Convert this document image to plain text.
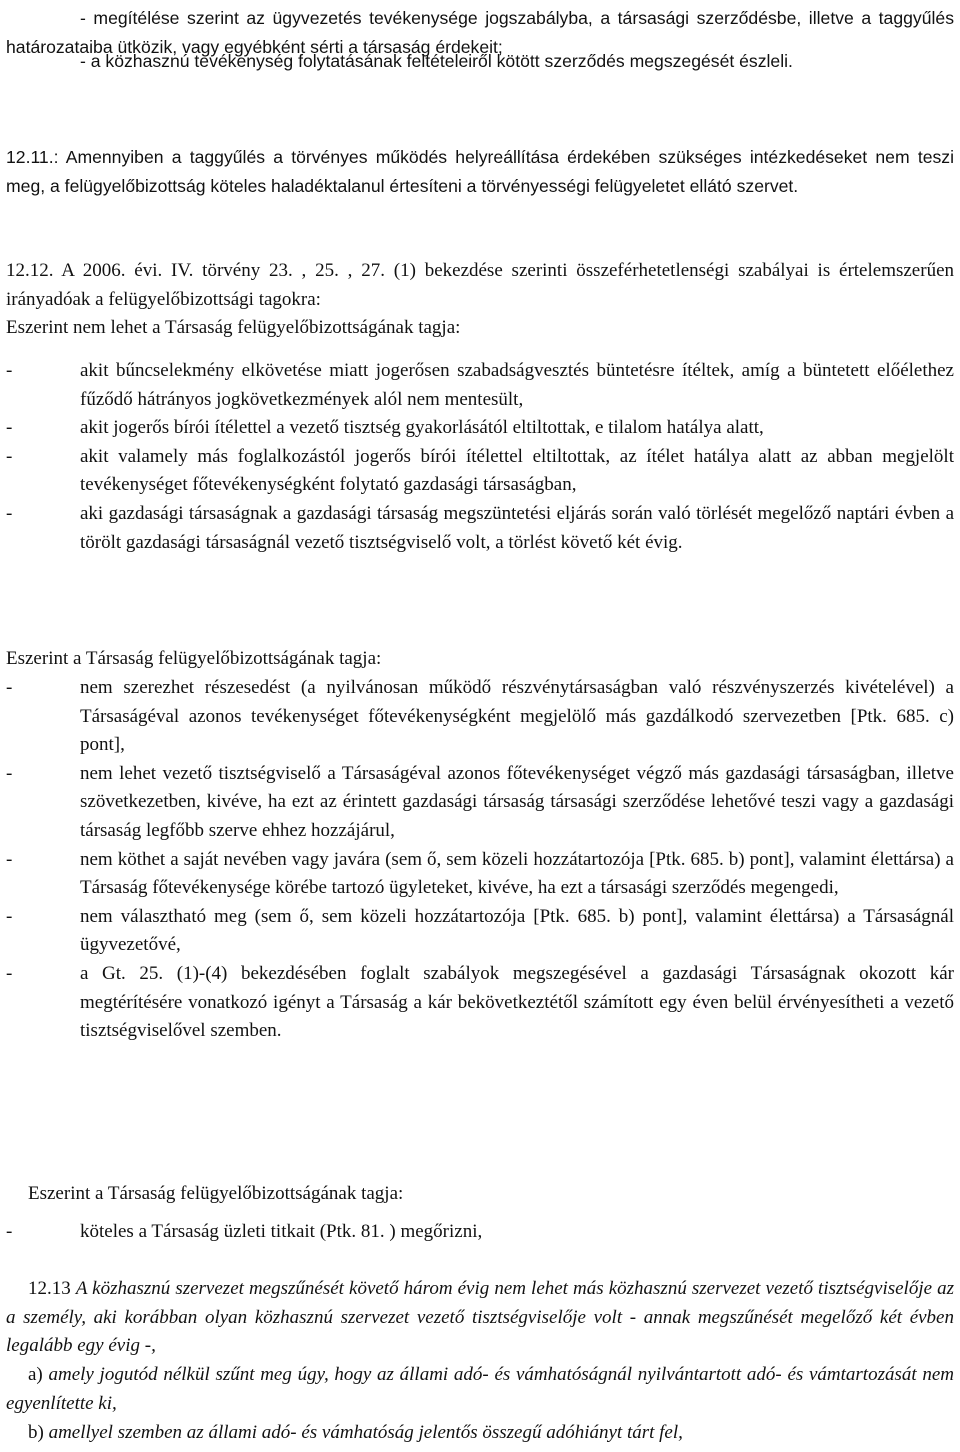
- megítélése szerint az ügyvezetés tevékenysége jogszabályba, a társasági szerződésbe, illetve a taggyűlés határozataiba ütközik, vagy egyébként sérti a társaság érdekeit;

- a közhasznú tevékenység folytatásának feltételeiről kötött szerződés megszegését észleli.

12.11.: Amennyiben a taggyűlés a törvényes működés helyreállítása érdekében szükséges intézkedéseket nem teszi meg, a felügyelőbizottság köteles haladéktalanul értesíteni a törvényességi felügyeletet ellátó szervet.

12.12. A 2006. évi. IV. törvény 23. , 25. , 27. (1) bekezdése szerinti összeférhetetlenségi szabályai is értelemszerűen irányadóak a felügyelőbizottsági tagokra:

Eszerint nem lehet a Társaság felügyelőbizottságának tagja:

-	akit bűncselekmény elkövetése miatt jogerősen szabadságvesztés büntetésre ítéltek, amíg a büntetett előélethez fűződő hátrányos jogkövetkezmények alól nem mentesült,
-	akit jogerős bírói ítélettel a vezető tisztség gyakorlásától eltiltottak, e tilalom hatálya alatt,
-	akit valamely más foglalkozástól jogerős bírói ítélettel eltiltottak, az ítélet hatálya alatt az abban megjelölt tevékenységet főtevékenységként folytató gazdasági társaságban,
-	aki gazdasági társaságnak a gazdasági társaság megszüntetési eljárás során való törlését megelőző naptári évben a törölt gazdasági társaságnál vezető tisztségviselő volt, a törlést követő két évig.

Eszerint a Társaság felügyelőbizottságának tagja:

-	nem szerezhet részesedést (a nyilvánosan működő részvénytársaságban való részvényszerzés kivételével) a Társaságéval azonos tevékenységet főtevékenységként megjelölő más gazdálkodó szervezetben [Ptk. 685. c) pont],
-	nem lehet vezető tisztségviselő a Társaságéval azonos főtevékenységet végző más gazdasági társaságban, illetve szövetkezetben, kivéve, ha ezt az érintett gazdasági társaság társasági szerződése lehetővé teszi vagy a gazdasági társaság legfőbb szerve ehhez hozzájárul,
-	nem köthet a saját nevében vagy javára (sem ő, sem közeli hozzátartozója [Ptk. 685. b) pont], valamint élettársa) a Társaság főtevékenysége körébe tartozó ügyleteket, kivéve, ha ezt a társasági szerződés megengedi,
-	nem választható meg (sem ő, sem közeli hozzátartozója [Ptk. 685. b) pont], valamint élettársa) a Társaságnál ügyvezetővé,
-	a Gt. 25. (1)-(4) bekezdésében foglalt szabályok megszegésével a gazdasági Társaságnak okozott kár megtérítésére vonatkozó igényt a Társaság a kár bekövetkeztétől számított egy éven belül érvényesítheti a vezető tisztségviselővel szemben.

Eszerint a Társaság felügyelőbizottságának tagja:

-	köteles a Társaság üzleti titkait (Ptk. 81. ) megőrizni,

12.13 A közhasznú szervezet megszűnését követő három évig nem lehet más közhasznú szervezet vezető tisztségviselője az a személy, aki korábban olyan közhasznú szervezet vezető tisztségviselője volt - annak megszűnését megelőző két évben legalább egy évig -,

a) amely jogutód nélkül szűnt meg úgy, hogy az állami adó- és vámhatóságnál nyilvántartott adó- és vámtartozását nem egyenlítette ki,

b) amellyel szemben az állami adó- és vámhatóság jelentős összegű adóhiányt tárt fel,
